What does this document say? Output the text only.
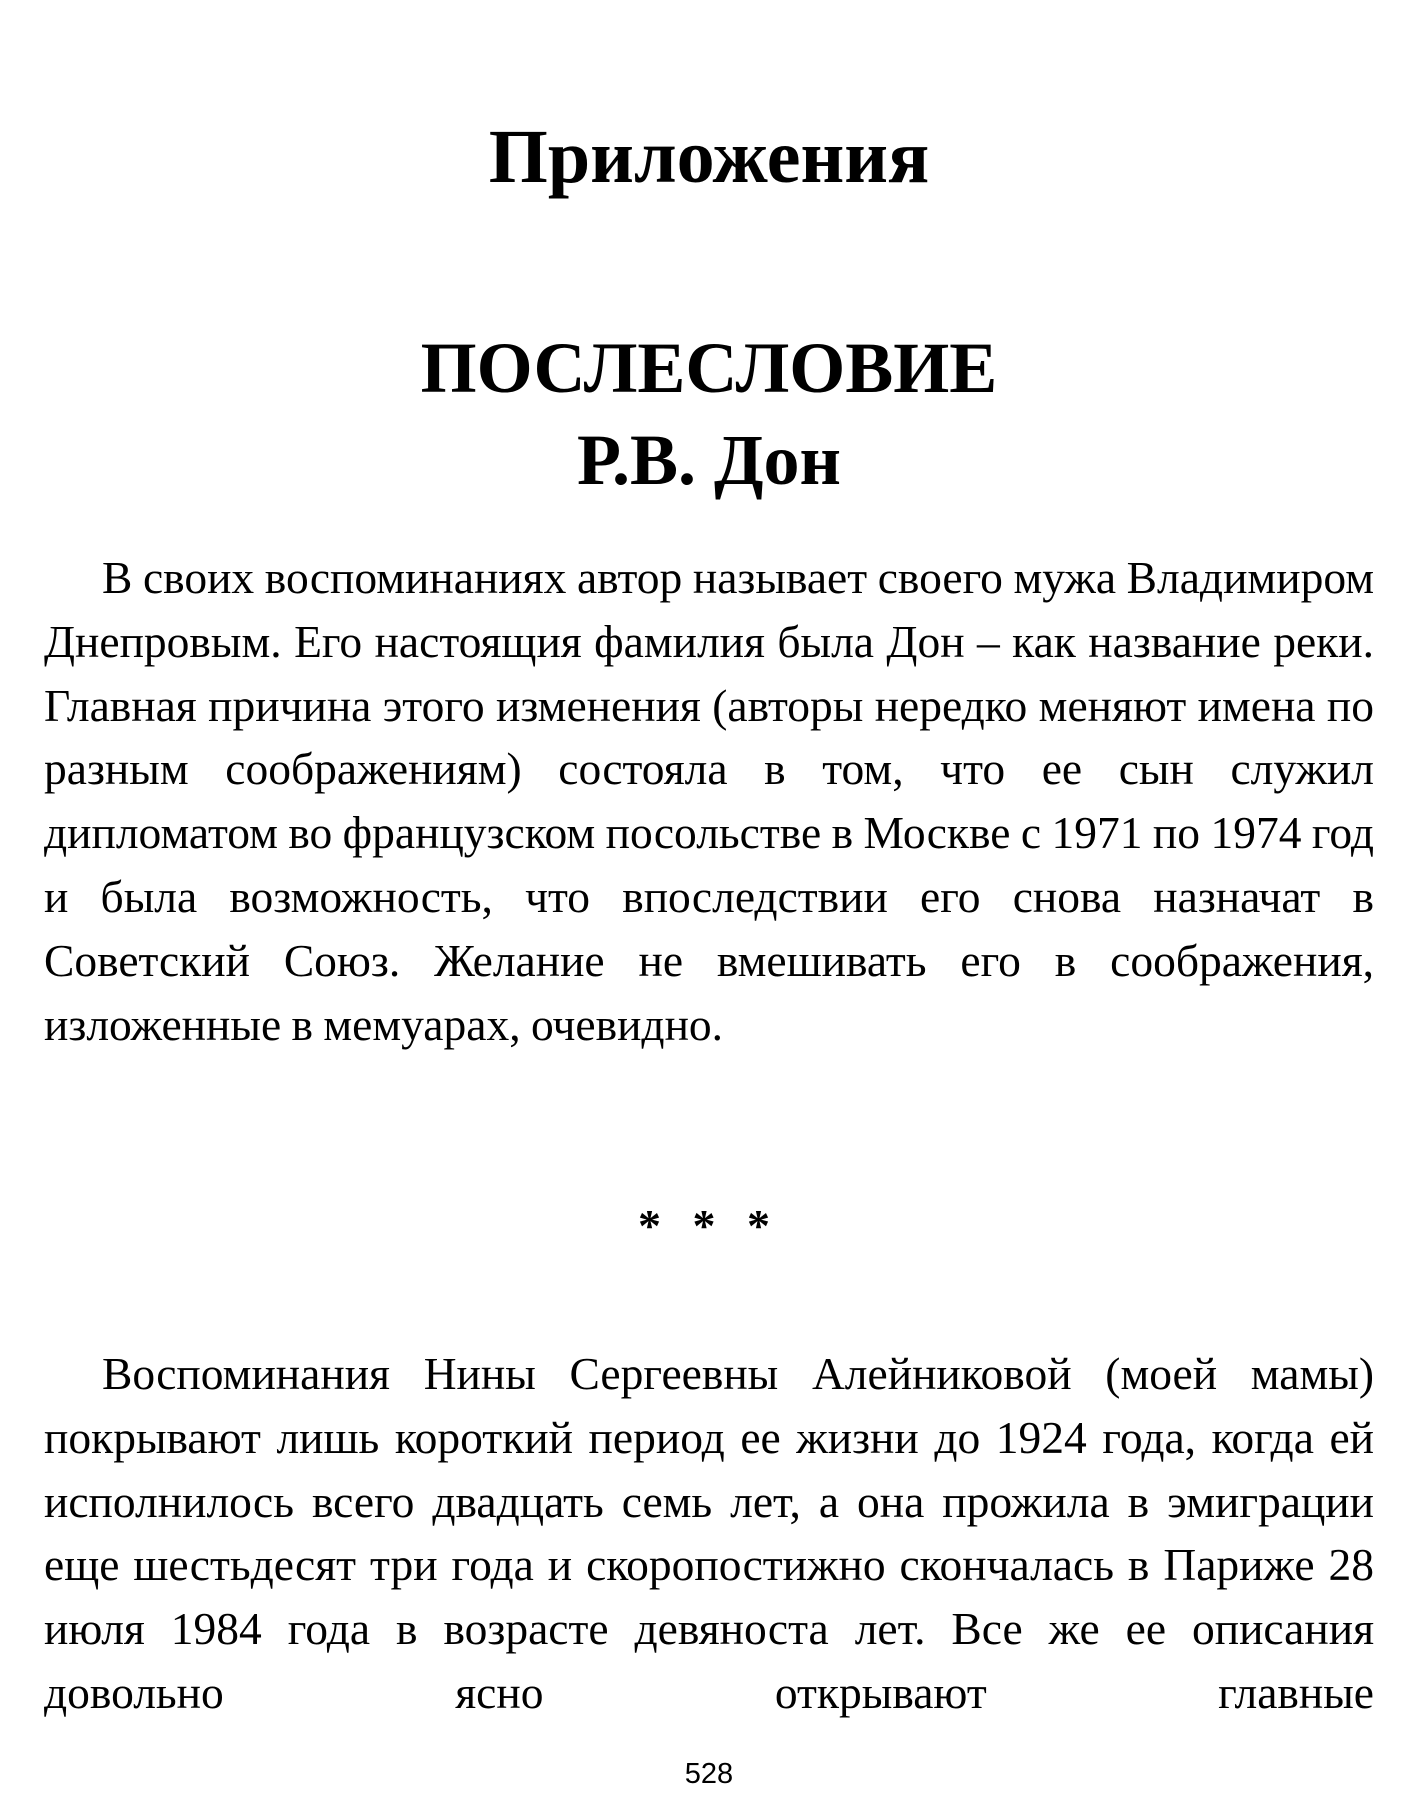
Приложения
ПОСЛЕСЛОВИЕ
Р.В. Дон

В своих воспоминаниях автор называет своего мужа Владимиром Днепровым. Его настоящия фамилия была Дон – как название реки. Главная причина этого изменения (авторы нередко меняют имена по разным соображениям) состояла в том, что ее сын служил дипломатом во французском посольстве в Москве с 1971 по 1974 год и была возможность, что впоследствии его снова назначат в Советский Союз. Желание не вмешивать его в соображения, изложенные в мемуарах, очевидно.

* * *

Воспоминания Нины Сергеевны Алейниковой (моей мамы) покрывают лишь короткий период ее жизни до 1924 года, когда ей исполнилось всего двадцать семь лет, а она прожила в эмиграции еще шестьдесят три года и скоропостижно скончалась в Париже 28 июля 1984 года в возрасте девяноста лет. Все же ее описания довольно ясно открывают главные

528
